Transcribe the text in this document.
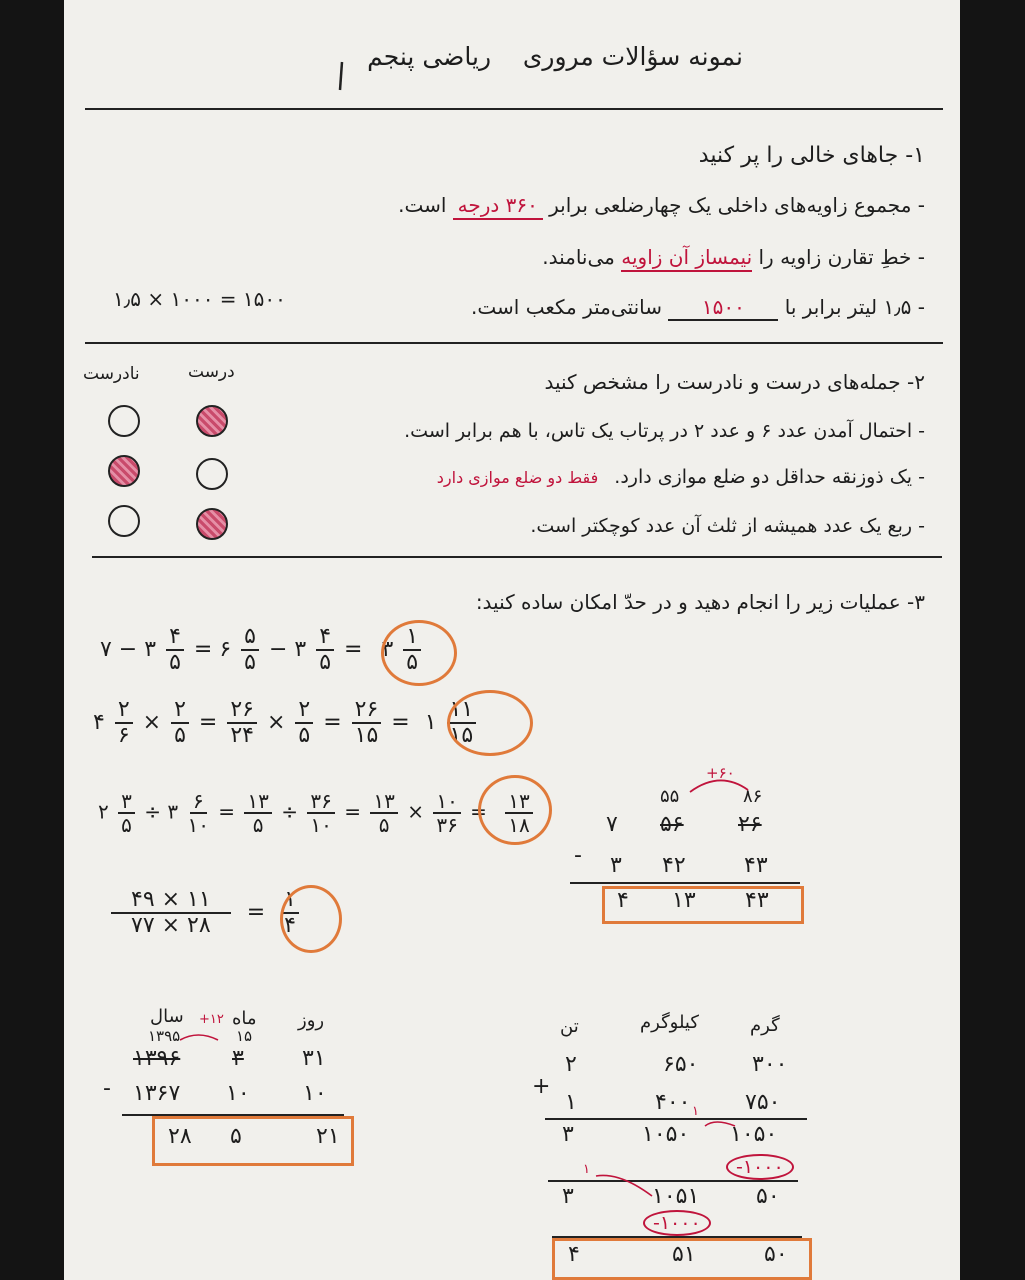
نمونه سؤالات مروری    ریاضی پنجم
۱- جاهای خالی را پر کنید
- مجموع زاویه‌های داخلی یک چهارضلعی برابر ۳۶۰ درجه است.
- خطِ تقارن زاویه را نیمساز آن زاویه می‌نامند.
- ۱٫۵ لیتر برابر با ۱۵۰۰ سانتی‌متر مکعب است.
۱٫۵ × ۱۰۰۰ = ۱۵۰۰
۲- جمله‌های درست و نادرست را مشخص کنید
درست
نادرست
- احتمال آمدن عدد ۶ و عدد ۲ در پرتاب یک تاس، با هم برابر است.
- یک ذوزنقه حداقل دو ضلع موازی دارد. فقط دو ضلع موازی دارد
- ربع یک عدد همیشه از ثلث آن عدد کوچکتر است.
۳- عملیات زیر را انجام دهید و در حدّ امکان ساده کنید:
۷ − ۳ $\frac{۴}{۵}$ = ۶ $\frac{۵}{۵}$ − ۳ $\frac{۴}{۵}$ = ۳ $\frac{۱}{۵}$
۴ $\frac{۲}{۶} \times \frac{۲}{۵} = \frac{۲۶}{۲۴} \times \frac{۲}{۵} = \frac{۲۶}{۱۵}$ = ۱ $\frac{۱۱}{۱۵}$
۲ $\frac{۳}{۵}$ ÷ ۳ $\frac{۶}{۱۰} = \frac{۱۳}{۵} \div \frac{۳۶}{۱۰} = \frac{۱۳}{۵} \times \frac{۱۰}{۳۶} = \frac{۱۳}{۱۸}$
$\frac{۴۹ \times ۱۱}{۷۷ \times ۲۸} = \frac{۱}{۴}$
+۶۰
۵۵	۸۶
۷ ۵۶ ۲۶
- ۳ ۴۲	۴۳
۴ ۱۳ ۴۳
سال	ماه روز
+۱۲
۱۳۹۵	۱۵
۱۳۹۶ ۳	۳۱
- ۱۳۶۷ ۱۰ ۱۰
۲۸ ۵	۲۱
تن	کیلوگرم	گرم
۲	۶۵۰ ۳۰۰
+
۱	۴۰۰ ۷۵۰
۳	۱۰۵۰ ۱۰۵۰
۱
-۱۰۰۰
۱
۳	۱۰۵۱	۵۰
-۱۰۰۰
۴	۵۱	۵۰
